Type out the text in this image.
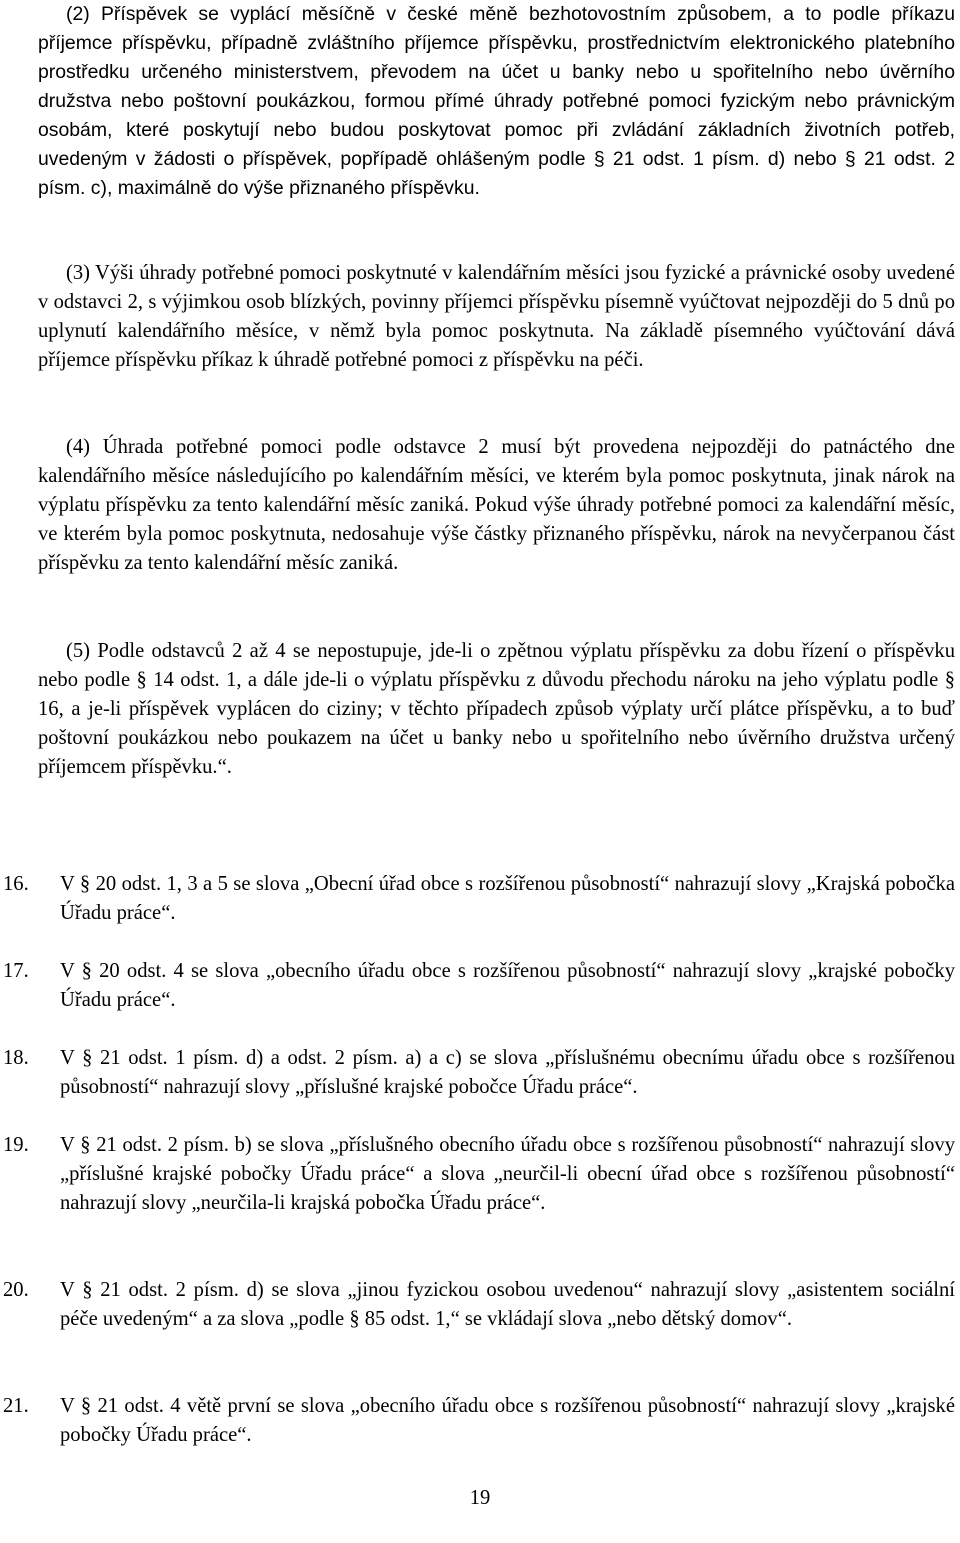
(2) Příspěvek se vyplácí měsíčně v české měně bezhotovostním způsobem, a to podle příkazu příjemce příspěvku, případně zvláštního příjemce příspěvku, prostřednictvím elektronického platebního prostředku určeného ministerstvem, převodem na účet u banky nebo u spořitelního nebo úvěrního družstva nebo poštovní poukázkou, formou přímé úhrady potřebné pomoci fyzickým nebo právnickým osobám, které poskytují nebo budou poskytovat pomoc při zvládání základních životních potřeb, uvedeným v žádosti o příspěvek, popřípadě ohlášeným podle § 21 odst. 1 písm. d) nebo § 21 odst. 2 písm. c), maximálně do výše přiznaného příspěvku.

(3) Výši úhrady potřebné pomoci poskytnuté v kalendářním měsíci jsou fyzické a právnické osoby uvedené v odstavci 2, s výjimkou osob blízkých, povinny příjemci příspěvku písemně vyúčtovat nejpozději do 5 dnů po uplynutí kalendářního měsíce, v němž byla pomoc poskytnuta. Na základě písemného vyúčtování dává příjemce příspěvku příkaz k úhradě potřebné pomoci z příspěvku na péči.

(4) Úhrada potřebné pomoci podle odstavce 2 musí být provedena nejpozději do patnáctého dne kalendářního měsíce následujícího po kalendářním měsíci, ve kterém byla pomoc poskytnuta, jinak nárok na výplatu příspěvku za tento kalendářní měsíc zaniká. Pokud výše úhrady potřebné pomoci za kalendářní měsíc, ve kterém byla pomoc poskytnuta, nedosahuje výše částky přiznaného příspěvku, nárok na nevyčerpanou část příspěvku za tento kalendářní měsíc zaniká.

(5) Podle odstavců 2 až 4 se nepostupuje, jde-li o zpětnou výplatu příspěvku za dobu řízení o příspěvku nebo podle § 14 odst. 1, a dále jde-li o výplatu příspěvku z důvodu přechodu nároku na jeho výplatu podle § 16, a je-li příspěvek vyplácen do ciziny; v těchto případech způsob výplaty určí plátce příspěvku, a to buď poštovní poukázkou nebo poukazem na účet u banky nebo u spořitelního nebo úvěrního družstva určený příjemcem příspěvku.“.

16.	V § 20 odst. 1, 3 a 5 se slova „Obecní úřad obce s rozšířenou působností“ nahrazují slovy „Krajská pobočka Úřadu práce“.

17.	V § 20 odst. 4 se slova „obecního úřadu obce s rozšířenou působností“ nahrazují slovy „krajské pobočky Úřadu práce“.

18.	V § 21 odst. 1 písm. d) a odst. 2 písm. a) a c) se slova „příslušnému obecnímu úřadu obce s rozšířenou působností“ nahrazují slovy „příslušné krajské pobočce Úřadu práce“.

19.	V § 21 odst. 2 písm. b) se slova „příslušného obecního úřadu obce s rozšířenou působností“ nahrazují slovy „příslušné krajské pobočky Úřadu práce“ a slova „neurčil-li obecní úřad obce s rozšířenou působností“ nahrazují slovy „neurčila-li krajská pobočka Úřadu práce“.

20.	V § 21 odst. 2 písm. d) se slova „jinou fyzickou osobou uvedenou“ nahrazují slovy „asistentem sociální péče uvedeným“ a za slova „podle § 85 odst. 1,“ se vkládají slova „nebo dětský domov“.

21.	V § 21 odst. 4 větě první se slova „obecního úřadu obce s rozšířenou působností“ nahrazují slovy „krajské pobočky Úřadu práce“.

19
